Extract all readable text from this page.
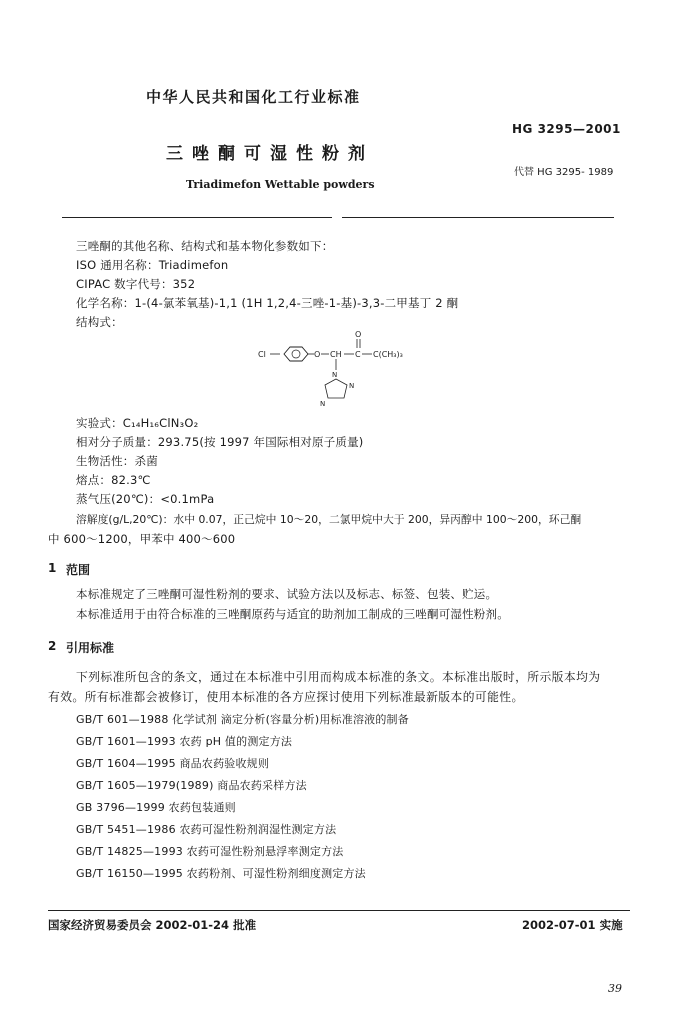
中华人民共和国化工行业标准
HG 3295—2001
三唑酮可湿性粉剂
代替 HG 3295- 1989
Triadimefon Wettable powders
三唑酮的其他名称、结构式和基本物化参数如下：
ISO 通用名称：Triadimefon
CIPAC 数字代号：352
化学名称：1-(4-氯苯氧基)-1,1 (1H 1,2,4-三唑-1-基)-3,3-二甲基丁 2 酮
结构式：
Cl	O CH C
O
C(CH₃)₃
N
N
N
实验式：C₁₄H₁₆ClN₃O₂
相对分子质量：293.75(按 1997 年国际相对原子质量)
生物活性：杀菌
熔点：82.3℃
蒸气压(20℃)：<0.1mPa
溶解度(g/L,20℃)：水中 0.07，正己烷中 10～20，二氯甲烷中大于 200，异丙醇中 100～200，环己酮
中 600～1200，甲苯中 400～600
1 范围
本标准规定了三唑酮可湿性粉剂的要求、试验方法以及标志、标签、包装、贮运。
本标准适用于由符合标准的三唑酮原药与适宜的助剂加工制成的三唑酮可湿性粉剂。
2 引用标准
下列标准所包含的条文，通过在本标准中引用而构成本标准的条文。本标准出版时，所示版本均为
有效。所有标准都会被修订，使用本标准的各方应探讨使用下列标准最新版本的可能性。
GB/T 601—1988 化学试剂 滴定分析(容量分析)用标准溶液的制备
GB/T 1601—1993 农药 pH 值的测定方法
GB/T 1604—1995 商品农药验收规则
GB/T 1605—1979(1989) 商品农药采样方法
GB 3796—1999 农药包装通则
GB/T 5451—1986 农药可湿性粉剂润湿性测定方法
GB/T 14825—1993 农药可湿性粉剂悬浮率测定方法
GB/T 16150—1995 农药粉剂、可湿性粉剂细度测定方法
国家经济贸易委员会 2002-01-24 批准	2002-07-01 实施
39
